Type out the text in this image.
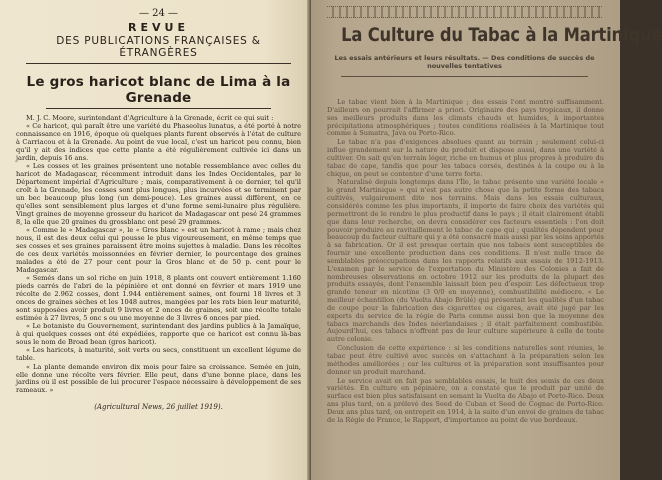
— 24 —
REVUE
DES PUBLICATIONS FRANÇAISES & ÉTRANGÈRES
Le gros haricot blanc de Lima à la Grenade

M. J. C. Moore, surintendant d'Agriculture à la Grenade, écrit ce qui suit :

« Ce haricot, qui paraît être une variété du Phaseolus lunatus, a été porté à notre connaissance en 1916, époque où quelques plants furent observés à l'état de culture à Carriacou et à la Grenade. Au point de vue local, c'est un haricot peu connu, bien qu'il y ait des indices que cette plante a été régulièrement cultivée ici dans un jardin, depuis 16 ans.

« Les cosses et les graines présentent une notable ressemblance avec celles du haricot de Madagascar, récemment introduit dans les Indes Occidentales, par le Département impérial d'Agriculture ; mais, comparativement à ce dernier, tel qu'il croît à la Grenade, les cosses sont plus longues, plus incurvées et se terminent par un bec beaucoup plus long (un demi-pouce). Les graines aussi diffèrent, en ce qu'elles sont sensiblement plus larges et d'une forme semi-lunaire plus régulière. Vingt graines de moyenne grosseur du haricot de Madagascar ont pesé 24 grammes 8, la elle que 20 graines du grossblanc ont pesé 29 grammes.

« Comme le « Madagascar », le « Gros blanc » est un haricot à rame ; mais chez nous, il est des deux celui qui pousse le plus vigoureusement, en même temps que ses cosses et ses graines paraissent être moins sujettes à maladie. Dans les récoltes de ces deux variétés moissonnées en février dernier, le pourcentage des graines malades a été de 27 pour cent pour la Gros blanc et de 50 p. cent pour le Madagascar.

« Semés dans un sol riche en juin 1918, 8 plants ont couvert entièrement 1.160 pieds carrés de l'abri de la pépinière et ont donné en février et mars 1919 une récolte de 2.962 cosses, dont 1.944 entièrement saines, ont fourni 18 livres et 3 onces de graines sèches et les 1048 autres, mangées par les rats bien leur maturité, sont supposées avoir produit 9 livres et 2 onces de graines, soit une récolte totale estimée à 27 livres, 5 onc s ou une moyenne de 3 livres 6 onces par pied.

« Le botaniste du Gouvernement, surintendant des jardins publics à la Jamaïque, à qui quelques cosses ont été expédiées, rapporte que ce haricot est connu là-bas sous le nom de Broad bean (gros haricot).

« Les haricots, à maturité, soit verts ou secs, constituent un excellent légume de table.

« La plante demande environ dix mois pour faire sa croissance. Semée en juin, elle donne une récolte vers février. Elle peut, dans d'une bonne place, dans les jardins où il est possible de lui procurer l'espace nécessaire à développement de ses rameaux. »

(Agricultural News, 26 juillet 1919).
La Culture du Tabac à la Martinique
Les essais antérieurs et leurs résultats. — Des conditions de succès de nouvelles tentatives

Le tabac vient bien à la Martinique ; des essais l'ont montré suffisamment. D'ailleurs on pourrait l'affirmer a priori. Originaire des pays tropicaux, il donne ses meilleurs produits dans les climats chauds et humides, à importantes précipitations atmosphériques ; toutes conditions réalisées à la Martinique tout comme à Sumatra, Java ou Porto-Rico.

Le tabac n'a pas d'exigences absolues quant au terrain ; seulement celui-ci influe grandement sur la nature du produit et dispose aussi, dans une variété à cultiver. On sait qu'en terrain léger, riche en humus et plus propres à produire du tabac de cape, tandis que pour les tabacs corsés, destinés à la coupe ou à la chique, on peut se contenter d'une terre forte.

Naturalisé depuis longtemps dans l'Île, le tabac présente une variété locale « le grand Martinique » qui n'est pas autre chose que la petite forme des tabacs cultivés, vulgairement dite nos terrains. Mais dans les essais culturaux, considérés comme les plus importants, il importe de faire choix des variétés qui permettront de le rendre le plus productif dans le pays ; il était clairement établi que dans leur recherche, on devra considérer ces facteurs essentiels : l'on doit pouvoir produire au ravitaillement le tabac de cape qui ; qualités dépendent pour beaucoup du facteur culture qui y a été consacré mais aussi par les soins apportés à sa fabrication. Or il est presque certain que nos tabacs sont susceptibles de fournir une excellente production dans ces conditions. Il n'est nulle trace de semblables préoccupations dans les rapports relatifs aux essais de 1912-1913. L'examen par le service de l'exportation du Ministère des Colonies a fait de nombreuses observations en octobre 1912 sur les produits de la plupart des produits essayés, dont l'ensemble laissait bien peu d'espoir. Les défectueux trop grande teneur en nicotine (3 0/0 en moyenne), combustibilité médiocre. « Le meilleur échantillon (du Vuelta Abajo Brûlé) qui présentait les qualités d'un tabac de coupe pour la fabrication des cigarettes ou cigares, avait été jugé par les experts du service de la régie de Paris comme aussi bon que la moyenne des tabacs marchands des Indes néerlandaises ; il était parfaitement combustible. Aujourd'hui, ces tabacs n'offrent pas de leur culture supérieure à celle de toute autre colonie.

Conclusion de cette expérience : si les conditions naturelles sont réunies, le tabac peut être cultivé avec succès en s'attachant à la préparation selon les méthodes améliorées ; car les cultures et la préparation sont insuffisantes pour donner un produit marchand.

Le service avait en fait pas semblables essais, le huit des semis de ces deux variétés. En culture en pépinière, on a constaté que le produit par unité de surface est bien plus satisfaisant en semant la Vuelta de Abajo et Porto-Rico. Deux ans plus tard, on a prélevé des Seed de Cuban et Seed de Cognac de Porto-Rico. Deux ans plus tard, on entreprit en 1914, à la suite d'un envoi de graines de tabac de la Régie de France, le Rapport, d'importance au point de vue bordeaux.
